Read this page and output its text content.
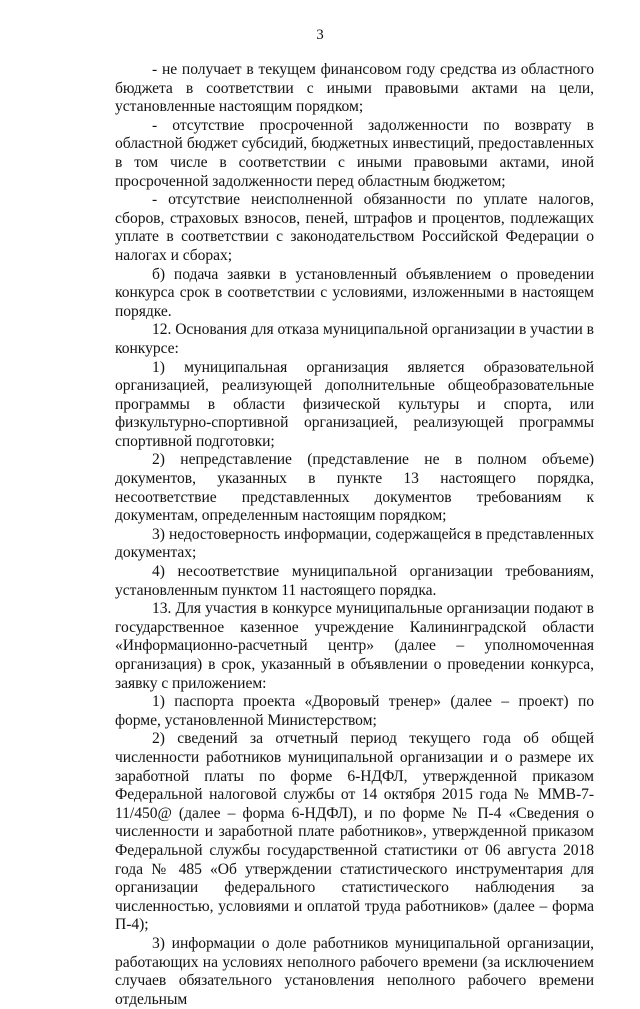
3

- не получает в текущем финансовом году средства из областного бюджета в соответствии с иными правовыми актами на цели, установленные настоящим порядком;

- отсутствие просроченной задолженности по возврату в областной бюджет субсидий, бюджетных инвестиций, предоставленных в том числе в соответствии с иными правовыми актами, иной просроченной задолженности перед областным бюджетом;

- отсутствие неисполненной обязанности по уплате налогов, сборов, страховых взносов, пеней, штрафов и процентов, подлежащих уплате в соответствии с законодательством Российской Федерации о налогах и сборах;

б) подача заявки в установленный объявлением о проведении конкурса срок в соответствии с условиями, изложенными в настоящем порядке.

12. Основания для отказа муниципальной организации в участии в конкурсе:

1) муниципальная организация является образовательной организацией, реализующей дополнительные общеобразовательные программы в области физической культуры и спорта, или физкультурно-спортивной организацией, реализующей программы спортивной подготовки;

2) непредставление (представление не в полном объеме) документов, указанных в пункте 13 настоящего порядка, несоответствие представленных документов требованиям к документам, определенным настоящим порядком;

3) недостоверность информации, содержащейся в представленных документах;

4) несоответствие муниципальной организации требованиям, установленным пунктом 11 настоящего порядка.

13. Для участия в конкурсе муниципальные организации подают в государственное казенное учреждение Калининградской области «Информационно-расчетный центр» (далее – уполномоченная организация) в срок, указанный в объявлении о проведении конкурса, заявку с приложением:

1) паспорта проекта «Дворовый тренер» (далее – проект) по форме, установленной Министерством;

2) сведений за отчетный период текущего года об общей численности работников муниципальной организации и о размере их заработной платы по форме 6-НДФЛ, утвержденной приказом Федеральной налоговой службы от 14 октября 2015 года № ММВ-7-11/450@ (далее – форма 6-НДФЛ), и по форме № П-4 «Сведения о численности и заработной плате работников», утвержденной приказом Федеральной службы государственной статистики от 06 августа 2018 года № 485 «Об утверждении статистического инструментария для организации федерального статистического наблюдения за численностью, условиями и оплатой труда работников» (далее – форма П-4);

3) информации о доле работников муниципальной организации, работающих на условиях неполного рабочего времени (за исключением случаев обязательного установления неполного рабочего времени отдельным
